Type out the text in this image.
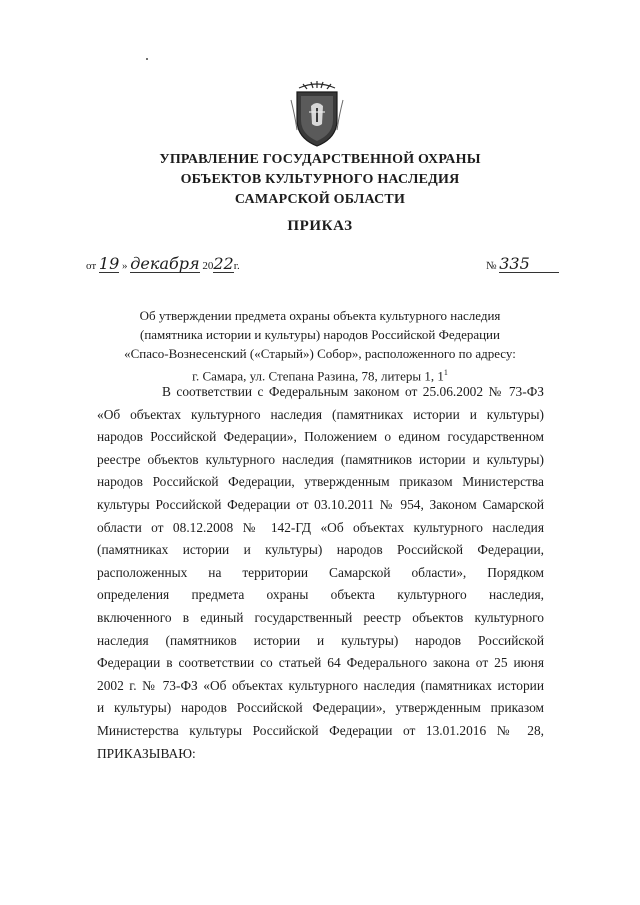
УПРАВЛЕНИЕ ГОСУДАРСТВЕННОЙ ОХРАНЫ
ОБЪЕКТОВ КУЛЬТУРНОГО НАСЛЕДИЯ
САМАРСКОЙ ОБЛАСТИ
ПРИКАЗ
от 19 » декабря 2022г.	№ 335
Об утверждении предмета охраны объекта культурного наследия
(памятника истории и культуры) народов Российской Федерации
«Спасо-Вознесенский («Старый») Собор», расположенного по адресу:
г. Самара, ул. Степана Разина, 78, литеры 1, $1^1$
В соответствии с Федеральным законом от 25.06.2002 № 73-ФЗ
«Об объектах культурного наследия (памятниках истории и культуры)
народов Российской Федерации», Положением о едином государственном
реестре объектов культурного наследия (памятников истории и культуры)
народов Российской Федерации, утвержденным приказом Министерства
культуры Российской Федерации от 03.10.2011 № 954, Законом Самарской
области от 08.12.2008 № 142-ГД «Об объектах культурного наследия
(памятниках истории и культуры) народов Российской Федерации,
расположенных на территории Самарской области», Порядком
определения предмета охраны объекта культурного наследия,
включенного в единый государственный реестр объектов культурного
наследия (памятников истории и культуры) народов Российской
Федерации в соответствии со статьей 64 Федерального закона от 25 июня
2002 г. № 73-ФЗ «Об объектах культурного наследия (памятниках истории
и культуры) народов Российской Федерации», утвержденным приказом
Министерства культуры Российской Федерации от 13.01.2016 № 28,
ПРИКАЗЫВАЮ:
